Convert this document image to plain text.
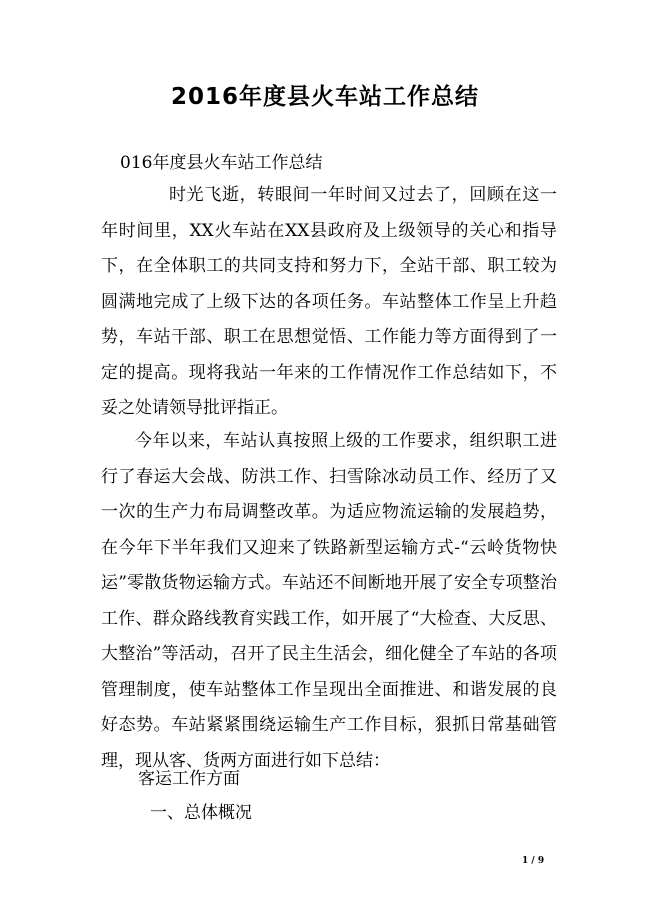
2016年度县火车站工作总结
016年度县火车站工作总结

时光飞逝，转眼间一年时间又过去了，回顾在这一年时间里，XX火车站在XX县政府及上级领导的关心和指导下，在全体职工的共同支持和努力下，全站干部、职工较为圆满地完成了上级下达的各项任务。车站整体工作呈上升趋势，车站干部、职工在思想觉悟、工作能力等方面得到了一定的提高。现将我站一年来的工作情况作工作总结如下，不妥之处请领导批评指正。

今年以来，车站认真按照上级的工作要求，组织职工进行了春运大会战、防洪工作、扫雪除冰动员工作、经历了又一次的生产力布局调整改革。为适应物流运输的发展趋势，在今年下半年我们又迎来了铁路新型运输方式-“云岭货物快运”零散货物运输方式。车站还不间断地开展了安全专项整治工作、群众路线教育实践工作，如开展了“大检查、大反思、大整治”等活动，召开了民主生活会，细化健全了车站的各项管理制度，使车站整体工作呈现出全面推进、和谐发展的良好态势。车站紧紧围绕运输生产工作目标，狠抓日常基础管理，现从客、货两方面进行如下总结：

客运工作方面
一、总体概况
1 / 9
